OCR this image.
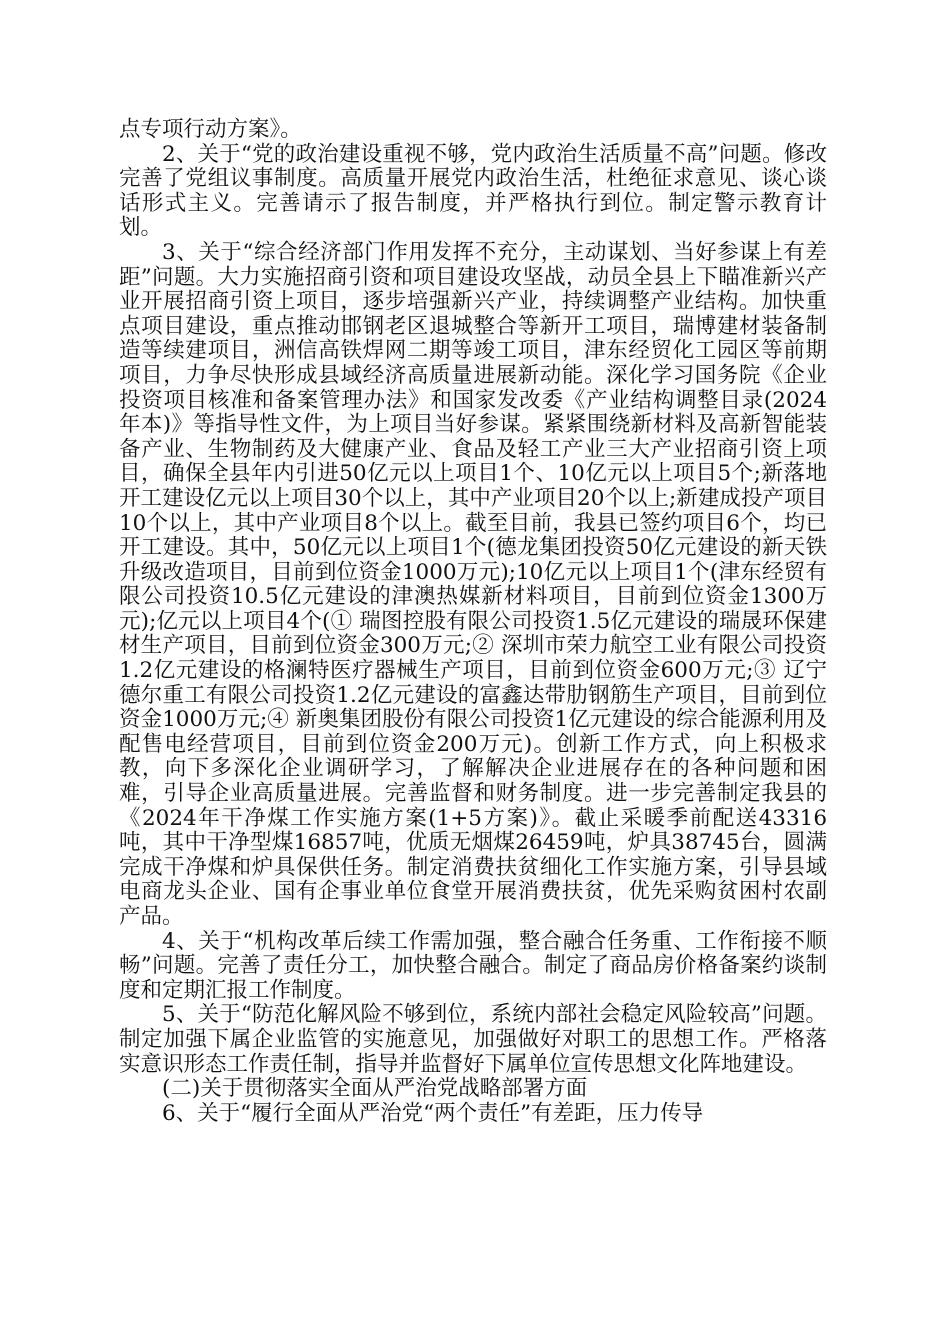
点专项行动方案》。

2、关于“党的政治建设重视不够，党内政治生活质量不高”问题。修改完善了党组议事制度。高质量开展党内政治生活，杜绝征求意见、谈心谈话形式主义。完善请示了报告制度，并严格执行到位。制定警示教育计划。

3、关于“综合经济部门作用发挥不充分，主动谋划、当好参谋上有差距”问题。大力实施招商引资和项目建设攻坚战，动员全县上下瞄准新兴产业开展招商引资上项目，逐步培强新兴产业，持续调整产业结构。加快重点项目建设，重点推动邯钢老区退城整合等新开工项目，瑞博建材装备制造等续建项目，洲信高铁焊网二期等竣工项目，津东经贸化工园区等前期项目，力争尽快形成县域经济高质量进展新动能。深化学习国务院《企业投资项目核准和备案管理办法》和国家发改委《产业结构调整目录(2024年本)》等指导性文件，为上项目当好参谋。紧紧围绕新材料及高新智能装备产业、生物制药及大健康产业、食品及轻工产业三大产业招商引资上项目，确保全县年内引进50亿元以上项目1个、10亿元以上项目5个;新落地开工建设亿元以上项目30个以上，其中产业项目20个以上;新建成投产项目10个以上，其中产业项目8个以上。截至目前，我县已签约项目6个，均已开工建设。其中，50亿元以上项目1个(德龙集团投资50亿元建设的新天铁升级改造项目，目前到位资金1000万元);10亿元以上项目1个(津东经贸有限公司投资10.5亿元建设的津澳热媒新材料项目，目前到位资金1300万元);亿元以上项目4个(① 瑞图控股有限公司投资1.5亿元建设的瑞晟环保建材生产项目，目前到位资金300万元;② 深圳市荣力航空工业有限公司投资1.2亿元建设的格澜特医疗器械生产项目，目前到位资金600万元;③ 辽宁德尔重工有限公司投资1.2亿元建设的富鑫达带肋钢筋生产项目，目前到位资金1000万元;④ 新奥集团股份有限公司投资1亿元建设的综合能源利用及配售电经营项目，目前到位资金200万元)。创新工作方式，向上积极求教，向下多深化企业调研学习，了解解决企业进展存在的各种问题和困难，引导企业高质量进展。完善监督和财务制度。进一步完善制定我县的《2024年干净煤工作实施方案(1+5方案)》。截止采暖季前配送43316吨，其中干净型煤16857吨，优质无烟煤26459吨，炉具38745台，圆满完成干净煤和炉具保供任务。制定消费扶贫细化工作实施方案，引导县域电商龙头企业、国有企事业单位食堂开展消费扶贫，优先采购贫困村农副产品。

4、关于“机构改革后续工作需加强，整合融合任务重、工作衔接不顺畅”问题。完善了责任分工，加快整合融合。制定了商品房价格备案约谈制度和定期汇报工作制度。

5、关于“防范化解风险不够到位，系统内部社会稳定风险较高”问题。制定加强下属企业监管的实施意见，加强做好对职工的思想工作。严格落实意识形态工作责任制，指导并监督好下属单位宣传思想文化阵地建设。

(二)关于贯彻落实全面从严治党战略部署方面

6、关于“履行全面从严治党“两个责任”有差距，压力传导
